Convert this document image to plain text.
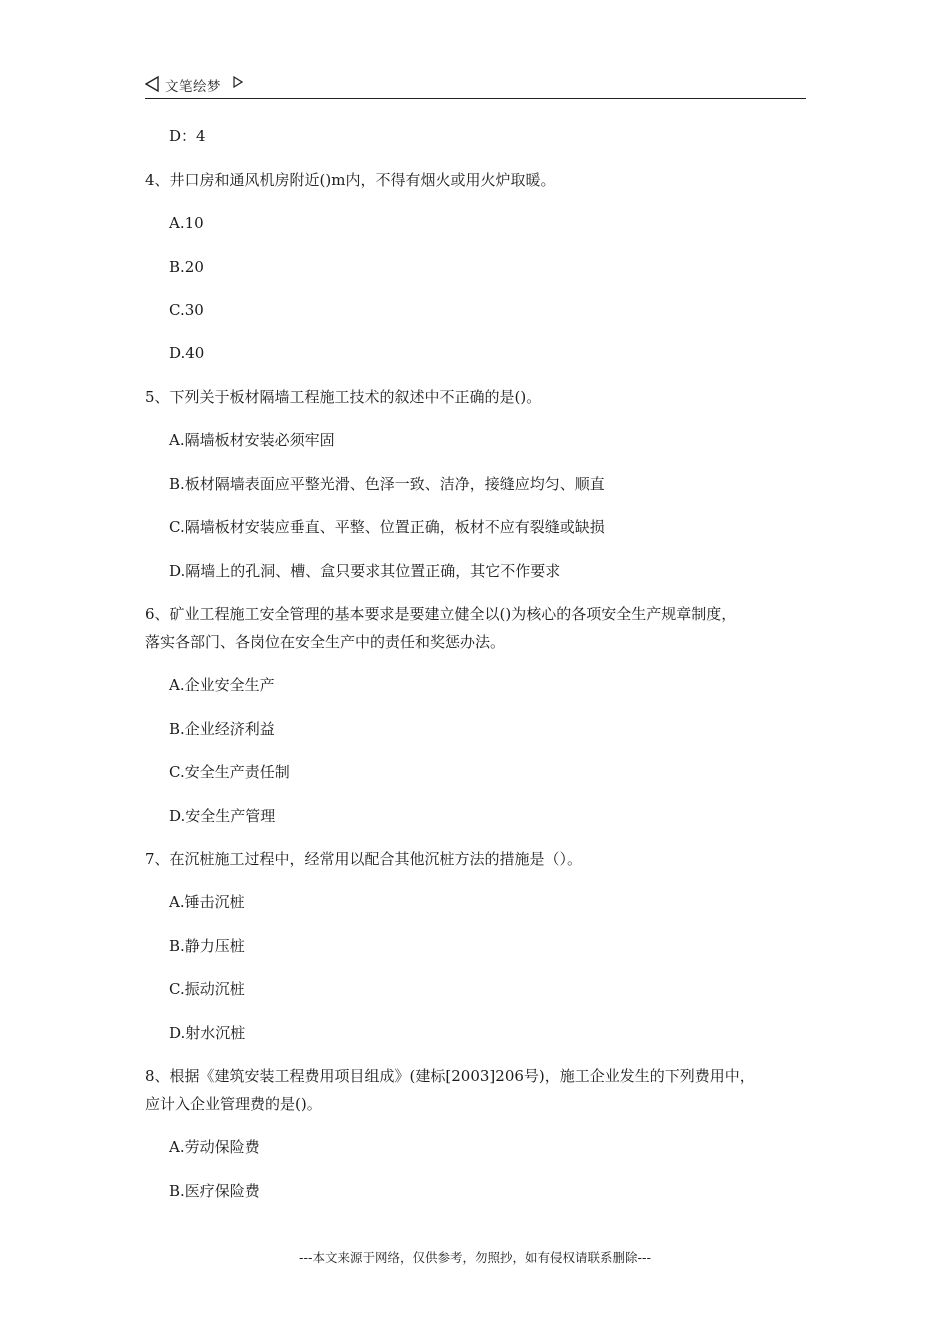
文笔绘梦
D：4
4、井口房和通风机房附近()m内，不得有烟火或用火炉取暖。
A.10
B.20
C.30
D.40
5、下列关于板材隔墙工程施工技术的叙述中不正确的是()。
A.隔墙板材安装必须牢固
B.板材隔墙表面应平整光滑、色泽一致、洁净，接缝应均匀、顺直
C.隔墙板材安装应垂直、平整、位置正确，板材不应有裂缝或缺损
D.隔墙上的孔洞、槽、盒只要求其位置正确，其它不作要求
6、矿业工程施工安全管理的基本要求是要建立健全以()为核心的各项安全生产规章制度，
落实各部门、各岗位在安全生产中的责任和奖惩办法。
A.企业安全生产
B.企业经济利益
C.安全生产责任制
D.安全生产管理
7、在沉桩施工过程中，经常用以配合其他沉桩方法的措施是（）。
A.锤击沉桩
B.静力压桩
C.振动沉桩
D.射水沉桩
8、根据《建筑安装工程费用项目组成》(建标[2003]206号)，施工企业发生的下列费用中，
应计入企业管理费的是()。
A.劳动保险费
B.医疗保险费
---本文来源于网络，仅供参考，勿照抄，如有侵权请联系删除---
